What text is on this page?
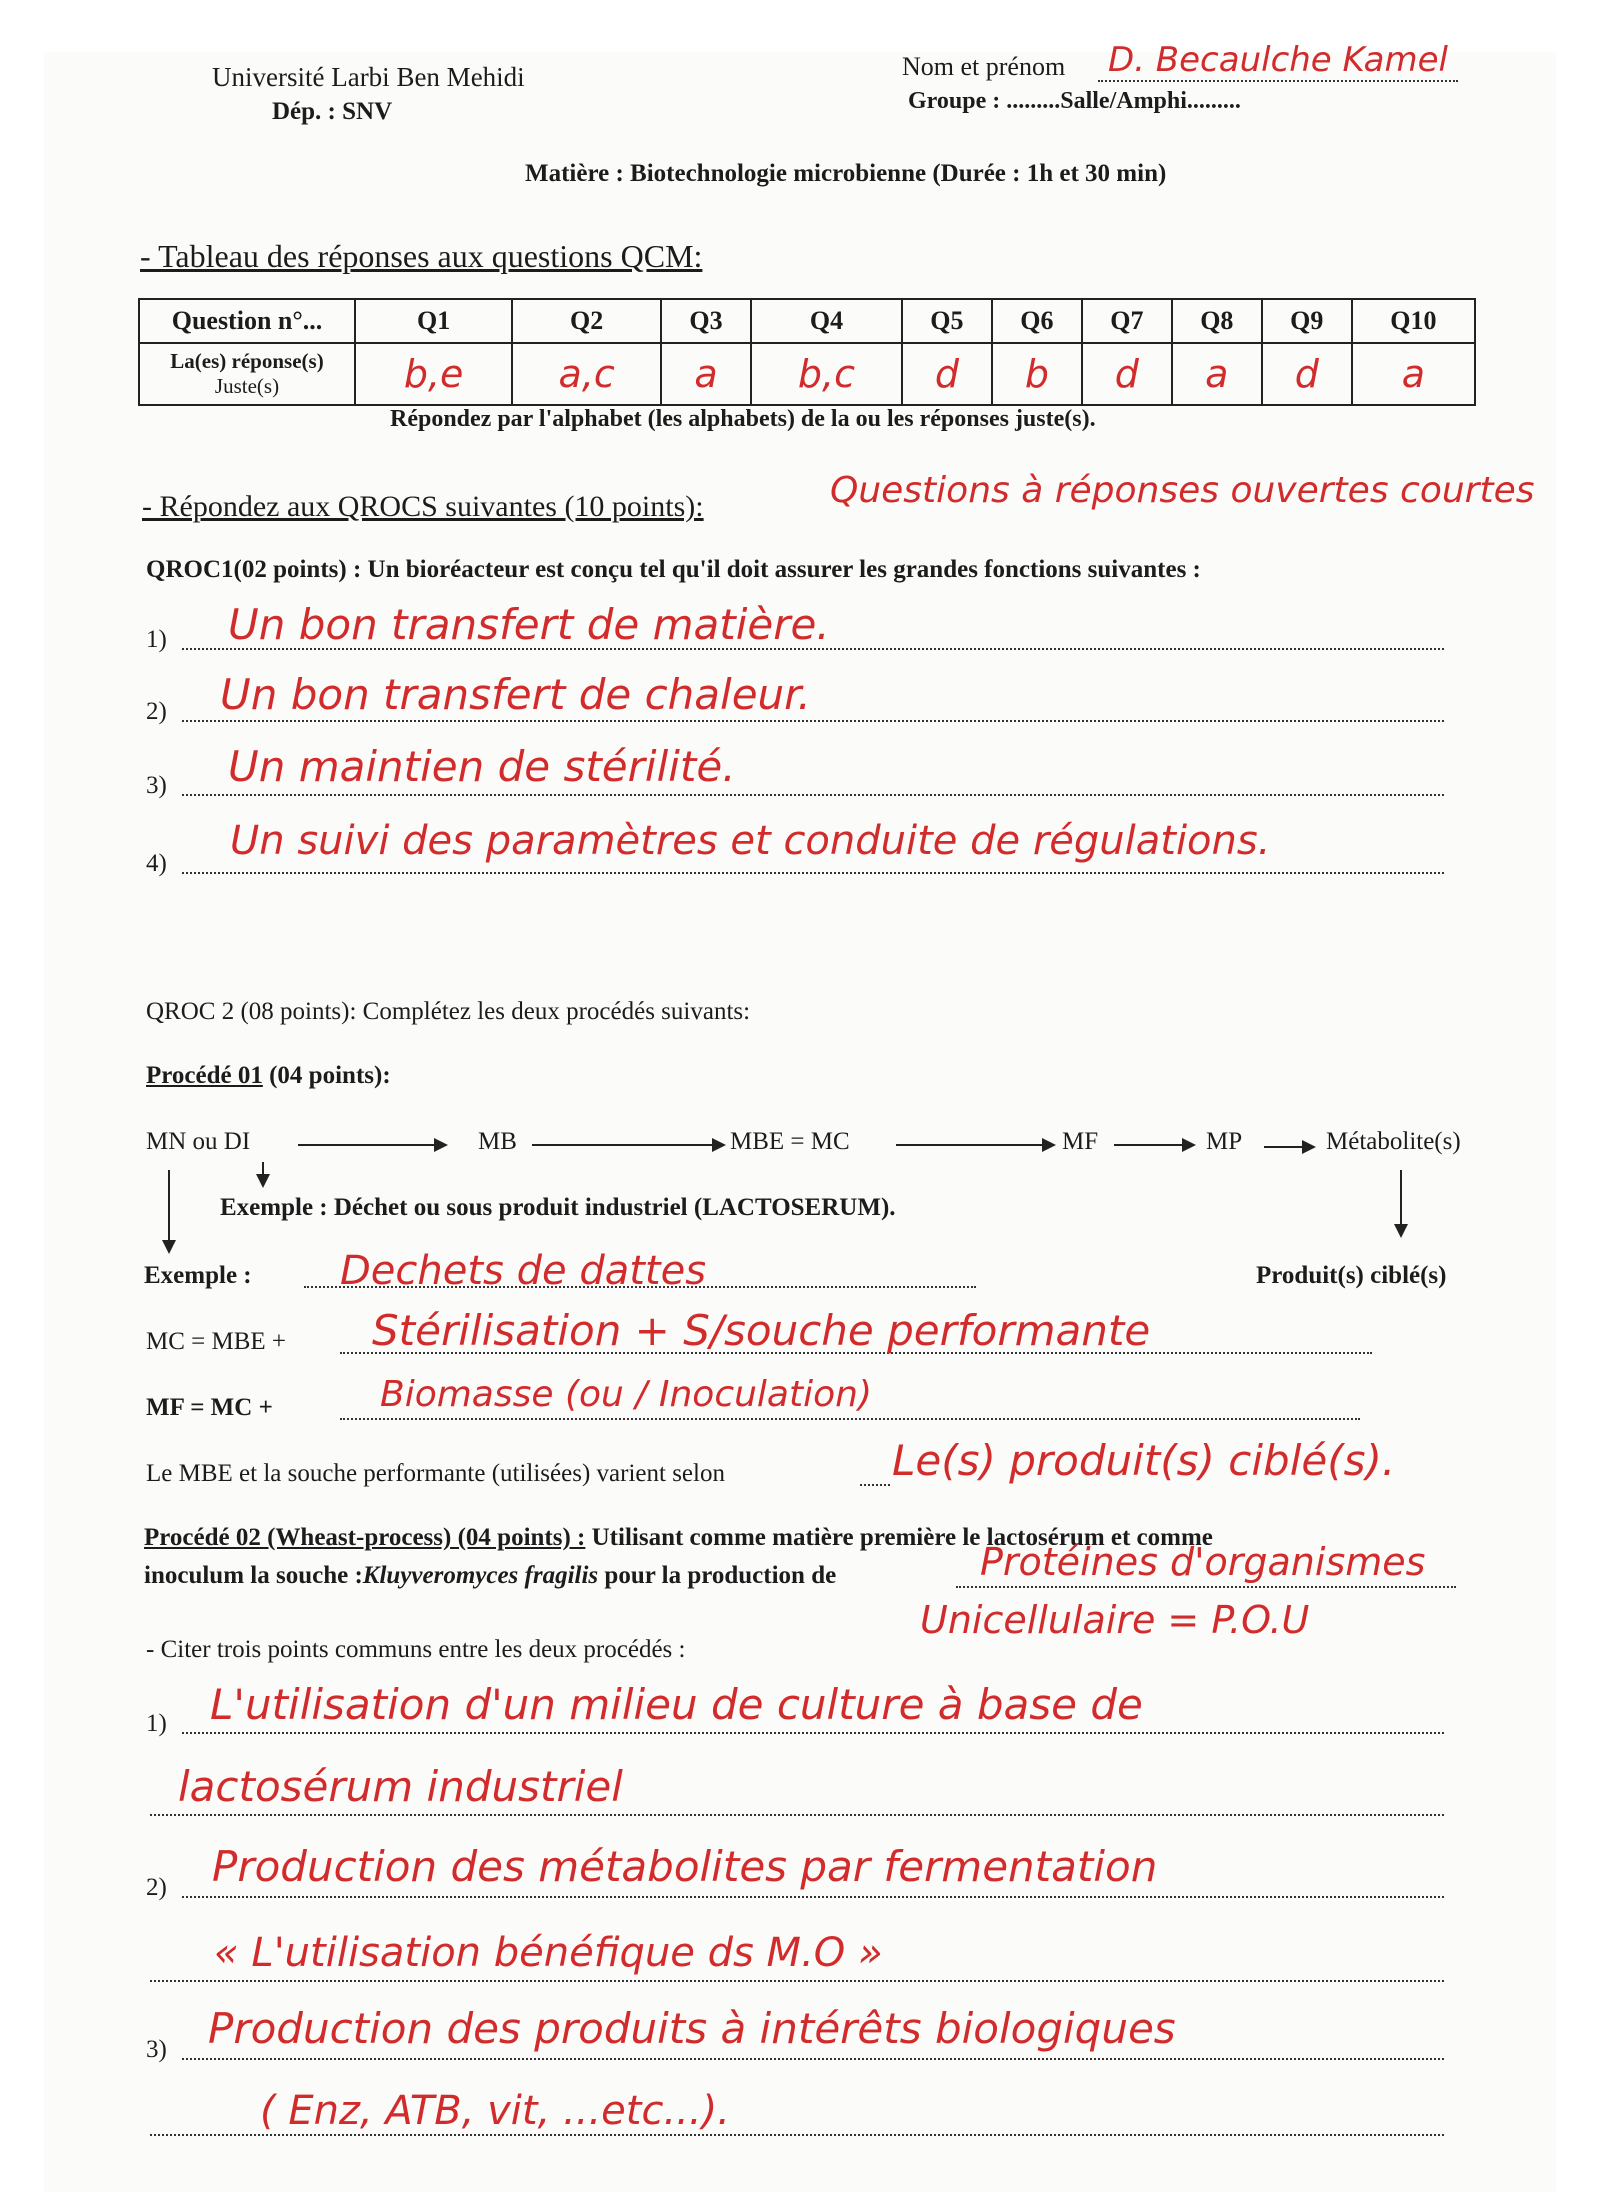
Université Larbi Ben Mehidi
Dép. : SNV
Nom et prénom D. Becaulche Kamel
Groupe : .........Salle/Amphi.........
Matière : Biotechnologie microbienne (Durée : 1h et 30 min)
- Tableau des réponses aux questions QCM:
Question n°...	Q1	Q2	Q3	Q4	Q5	Q6	Q7	Q8	Q9	Q10
La(es) réponse(s)
Juste(s)	b,e	a,c	a	b,c	d	b	d	a	d	a
Répondez par l'alphabet (les alphabets) de la ou les réponses juste(s).
- Répondez aux QROCS suivantes (10 points):	Questions à réponses ouvertes courtes
QROC1(02 points) : Un bioréacteur est conçu tel qu'il doit assurer les grandes fonctions suivantes :
1) Un bon transfert de matière.
2) Un bon transfert de chaleur.
3) Un maintien de stérilité.
4) Un suivi des paramètres et conduite de régulations.
QROC 2 (08 points): Complétez les deux procédés suivants:
Procédé 01 (04 points):
MN ou DI	MB	MBE = MC	MF	MP	Métabolite(s)
Exemple : Déchet ou sous produit industriel (LACTOSERUM).
Exemple : Dechets de dattes	Produit(s) ciblé(s)
MC = MBE + Stérilisation + S/souche performante
MF = MC +	Biomasse (ou / Inoculation)
Le MBE et la souche performante (utilisées) varient selon	Le(s) produit(s) ciblé(s).
Procédé 02 (Wheast-process) (04 points) : Utilisant comme matière première le lactosérum et comme
inoculum la souche :Kluyveromyces fragilis pour la production de	Protéines d'organismes
Unicellulaire = P.O.U
- Citer trois points communs entre les deux procédés :
1) L'utilisation d'un milieu de culture à base de
lactosérum industriel
2) Production des métabolites par fermentation
« L'utilisation bénéfique ds M.O »
3) Production des produits à intérêts biologiques
( Enz, ATB, vit, ...etc...).
